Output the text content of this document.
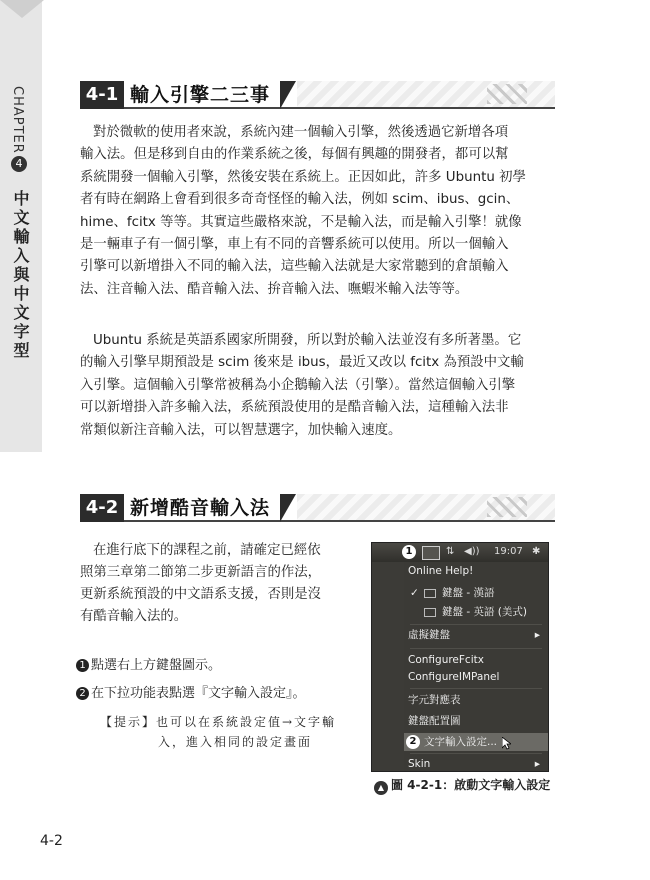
CHAPTER
4
中文輸入與中文字型
4-1 輸入引擎二三事
對於微軟的使用者來說，系統內建一個輸入引擎，然後透過它新增各項
輸入法。但是移到自由的作業系統之後，每個有興趣的開發者，都可以幫
系統開發一個輸入引擎，然後安裝在系統上。正因如此，許多 Ubuntu 初學
者有時在網路上會看到很多奇奇怪怪的輸入法，例如 scim、ibus、gcin、
hime、fcitx 等等。其實這些嚴格來說，不是輸入法，而是輸入引擎！就像
是一輛車子有一個引擎，車上有不同的音響系統可以使用。所以一個輸入
引擎可以新增掛入不同的輸入法，這些輸入法就是大家常聽到的倉頡輸入
法、注音輸入法、酷音輸入法、拚音輸入法、嘸蝦米輸入法等等。
Ubuntu 系統是英語系國家所開發，所以對於輸入法並沒有多所著墨。它
的輸入引擎早期預設是 scim 後來是 ibus，最近又改以 fcitx 為預設中文輸
入引擎。這個輸入引擎常被稱為小企鵝輸入法（引擎）。當然這個輸入引擎
可以新增掛入許多輸入法，系統預設使用的是酷音輸入法，這種輸入法非
常類似新注音輸入法，可以智慧選字，加快輸入速度。
4-2 新增酷音輸入法
在進行底下的課程之前，請確定已經依
照第三章第二節第二步更新語言的作法，
更新系統預設的中文語系支援，否則是沒
有酷音輸入法的。
1 點選右上方鍵盤圖示。
2 在下拉功能表點選『文字輸入設定』。
【提示】也可以在系統設定值→文字輸
入，進入相同的設定畫面
1	⇅ ◀)) 19:07 ✱
Online Help!
✓ 鍵盤 - 漢語
鍵盤 - 英語 (美式)
虛擬鍵盤	▸
ConfigureFcitx
ConfigureIMPanel
字元對應表
鍵盤配置圖
2 文字輸入設定...
Skin	▸
▲ 圖 4-2-1：啟動文字輸入設定
4-2
